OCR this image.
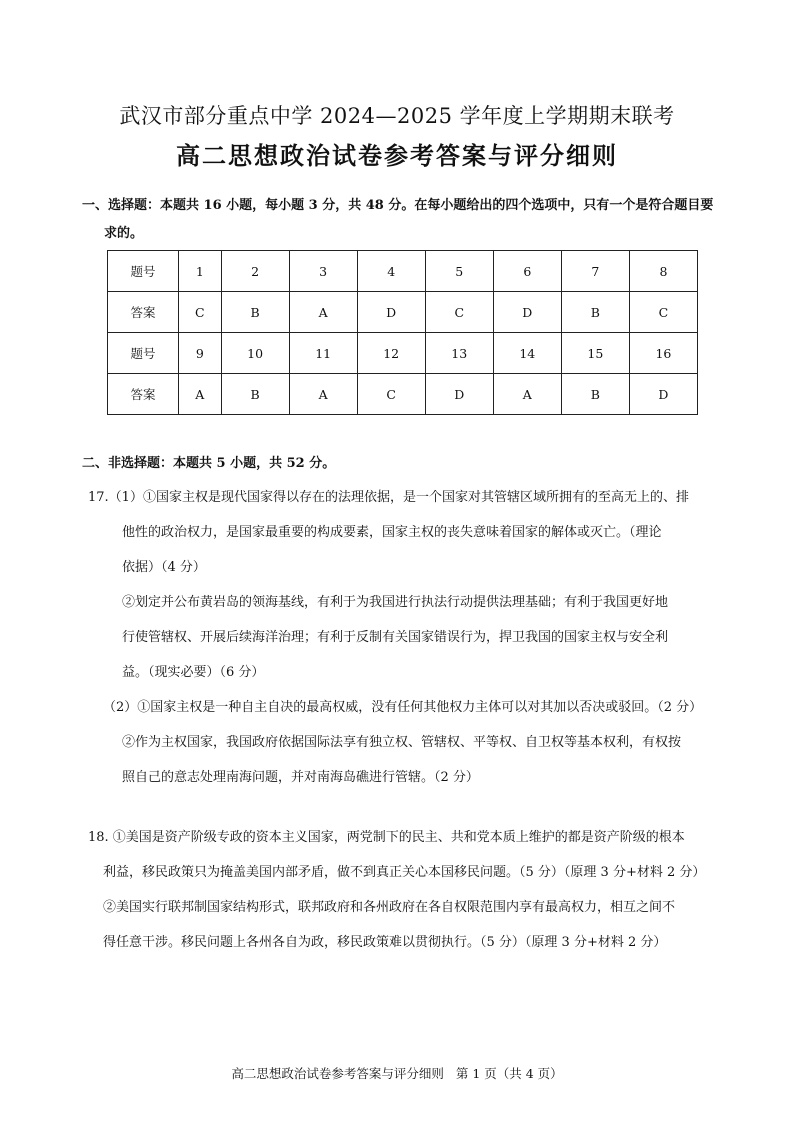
武汉市部分重点中学 2024—2025 学年度上学期期末联考
高二思想政治试卷参考答案与评分细则
一、选择题：本题共 16 小题，每小题 3 分，共 48 分。在每小题给出的四个选项中，只有一个是符合题目要
求的。
题号	1	2	3	4	5	6	7	8
答案	C	B	A	D	C	D	B	C
题号	9	10	11	12	13	14	15	16
答案	A	B	A	C	D	A	B	D
二、非选择题：本题共 5 小题，共 52 分。
17.（1）①国家主权是现代国家得以存在的法理依据，是一个国家对其管辖区域所拥有的至高无上的、排
他性的政治权力，是国家最重要的构成要素，国家主权的丧失意味着国家的解体或灭亡。（理论
依据）（4 分）
②划定并公布黄岩岛的领海基线，有利于为我国进行执法行动提供法理基础；有利于我国更好地
行使管辖权、开展后续海洋治理；有利于反制有关国家错误行为，捍卫我国的国家主权与安全利
益。（现实必要）（6 分）
（2）①国家主权是一种自主自决的最高权威，没有任何其他权力主体可以对其加以否决或驳回。（2 分）
②作为主权国家，我国政府依据国际法享有独立权、管辖权、平等权、自卫权等基本权利，有权按
照自己的意志处理南海问题，并对南海岛礁进行管辖。（2 分）
18. ①美国是资产阶级专政的资本主义国家，两党制下的民主、共和党本质上维护的都是资产阶级的根本
利益，移民政策只为掩盖美国内部矛盾，做不到真正关心本国移民问题。（5 分）（原理 3 分+材料 2 分）
②美国实行联邦制国家结构形式，联邦政府和各州政府在各自权限范围内享有最高权力，相互之间不
得任意干涉。移民问题上各州各自为政，移民政策难以贯彻执行。（5 分）（原理 3 分+材料 2 分）
高二思想政治试卷参考答案与评分细则 第 1 页（共 4 页）
